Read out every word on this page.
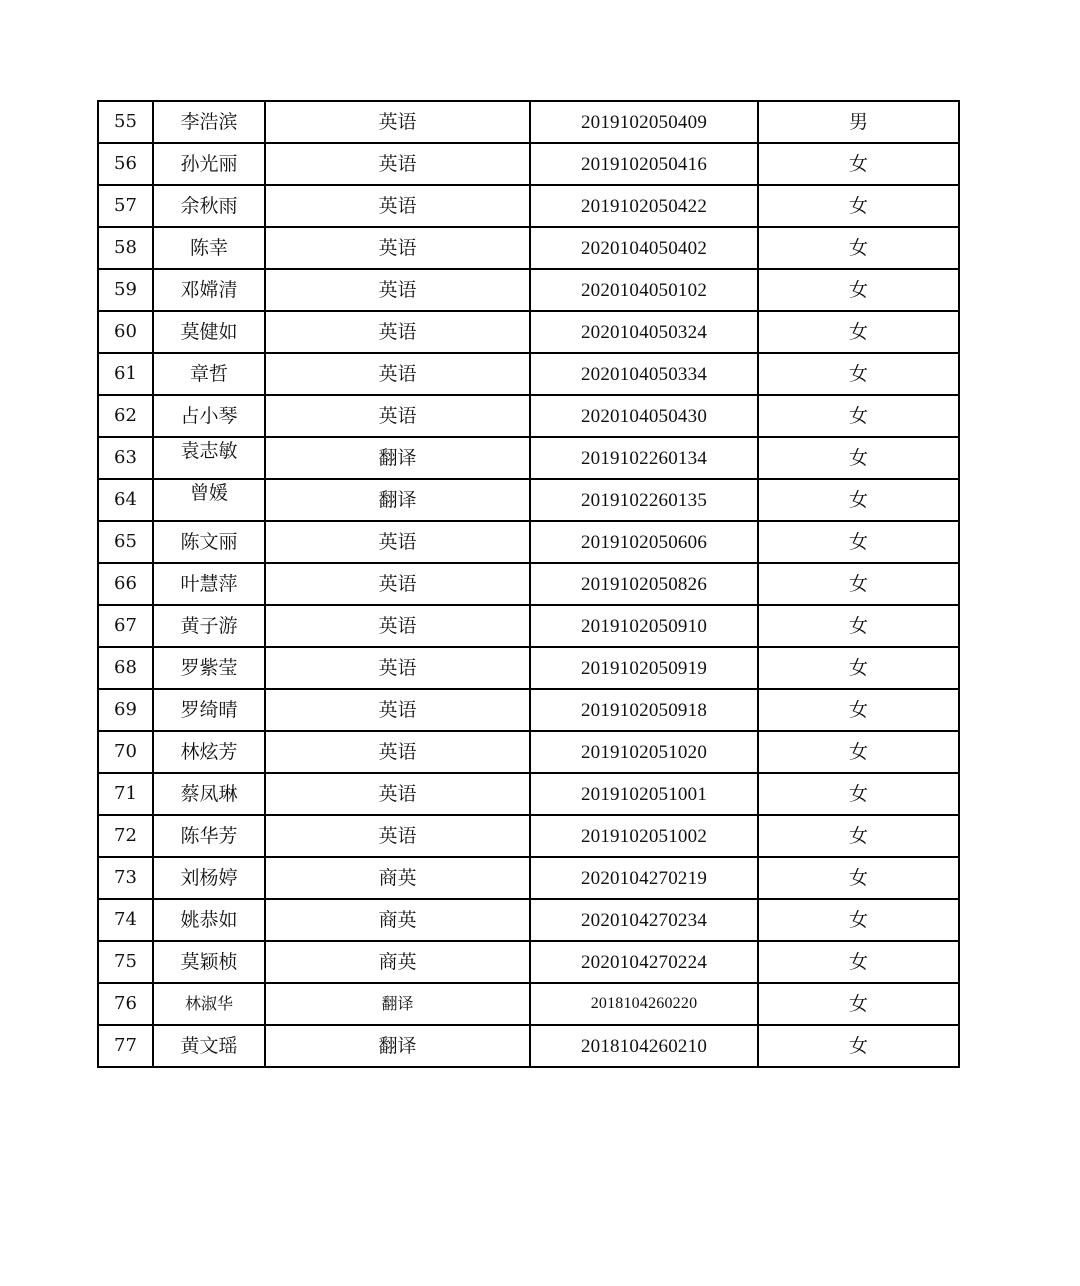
55	李浩滨	英语	2019102050409	男
56	孙光丽	英语	2019102050416	女
57	余秋雨	英语	2019102050422	女
58	陈幸	英语	2020104050402	女
59	邓嫦清	英语	2020104050102	女
60	莫健如	英语	2020104050324	女
61	章哲	英语	2020104050334	女
62	占小琴	英语	2020104050430	女
63	袁志敏	翻译	2019102260134	女
64	曾媛	翻译	2019102260135	女
65	陈文丽	英语	2019102050606	女
66	叶慧萍	英语	2019102050826	女
67	黄子游	英语	2019102050910	女
68	罗紫莹	英语	2019102050919	女
69	罗绮晴	英语	2019102050918	女
70	林炫芳	英语	2019102051020	女
71	蔡凤琳	英语	2019102051001	女
72	陈华芳	英语	2019102051002	女
73	刘杨婷	商英	2020104270219	女
74	姚恭如	商英	2020104270234	女
75	莫颖桢	商英	2020104270224	女
76	林淑华	翻译	2018104260220	女
77	黄文瑶	翻译	2018104260210	女
